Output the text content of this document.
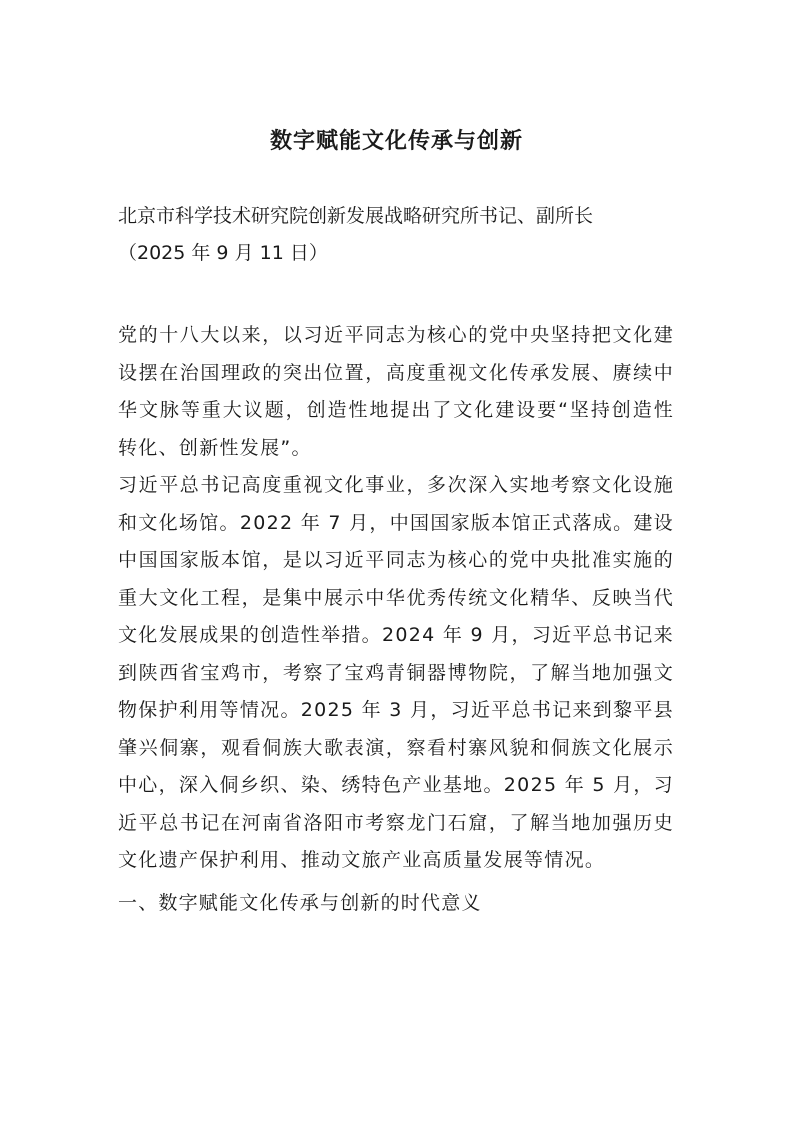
数字赋能文化传承与创新
北京市科学技术研究院创新发展战略研究所书记、副所长
（2025 年 9 月 11 日）

党的十八大以来，以习近平同志为核心的党中央坚持把文化建设摆在治国理政的突出位置，高度重视文化传承发展、赓续中华文脉等重大议题，创造性地提出了文化建设要“坚持创造性转化、创新性发展”。

习近平总书记高度重视文化事业，多次深入实地考察文化设施和文化场馆。2022 年 7 月，中国国家版本馆正式落成。建设中国国家版本馆，是以习近平同志为核心的党中央批准实施的重大文化工程，是集中展示中华优秀传统文化精华、反映当代文化发展成果的创造性举措。2024 年 9 月，习近平总书记来到陕西省宝鸡市，考察了宝鸡青铜器博物院，了解当地加强文物保护利用等情况。2025 年 3 月，习近平总书记来到黎平县肇兴侗寨，观看侗族大歌表演，察看村寨风貌和侗族文化展示中心，深入侗乡织、染、绣特色产业基地。2025 年 5 月，习近平总书记在河南省洛阳市考察龙门石窟，了解当地加强历史文化遗产保护利用、推动文旅产业高质量发展等情况。

一、数字赋能文化传承与创新的时代意义
